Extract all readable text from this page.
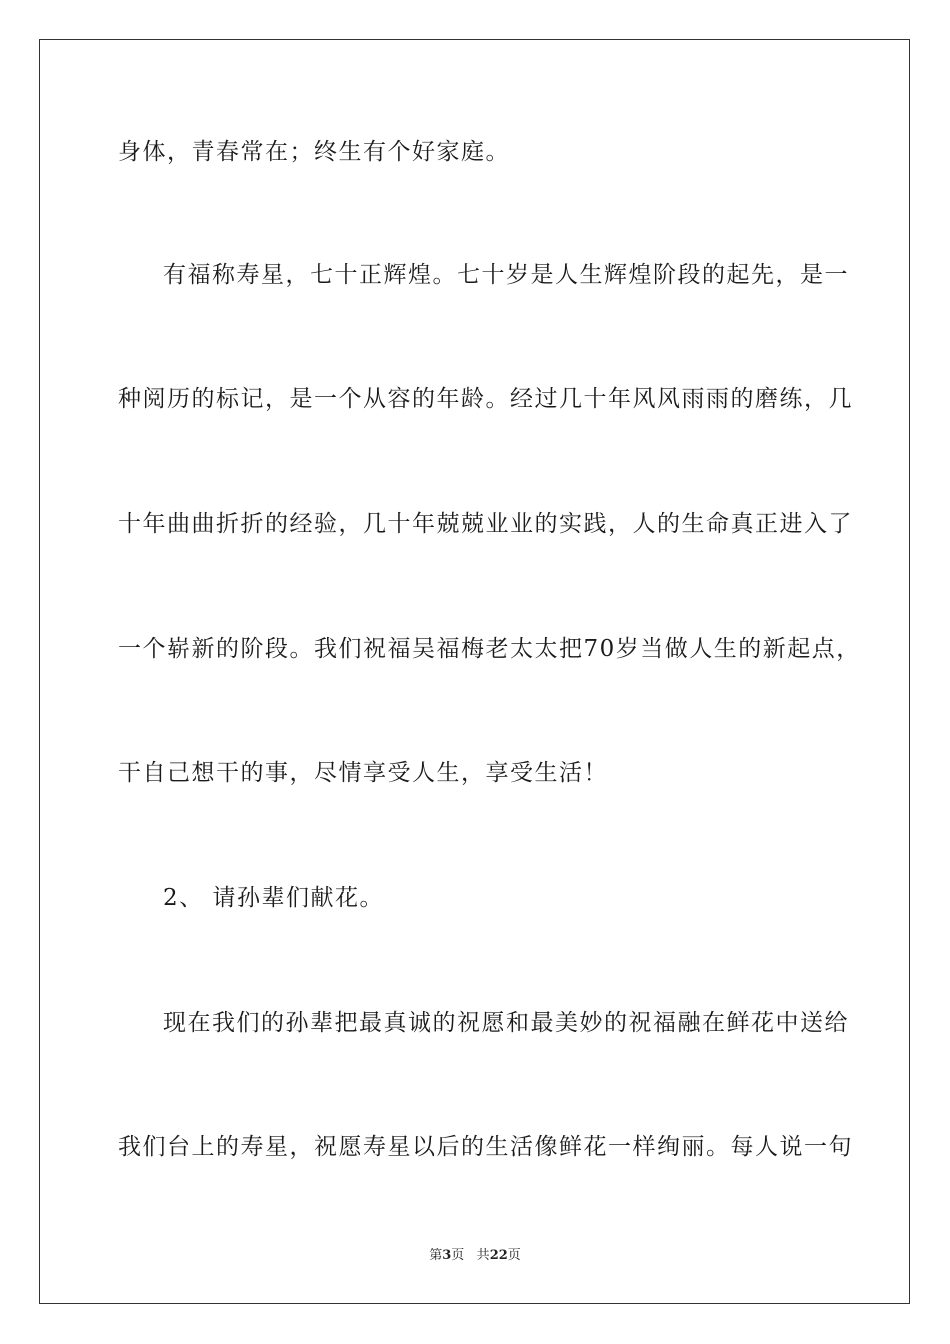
身体，青春常在；终生有个好家庭。
有福称寿星，七十正辉煌。七十岁是人生辉煌阶段的起先，是一
种阅历的标记，是一个从容的年龄。经过几十年风风雨雨的磨练，几
十年曲曲折折的经验，几十年兢兢业业的实践，人的生命真正进入了
一个崭新的阶段。我们祝福吴福梅老太太把70岁当做人生的新起点，
干自己想干的事，尽情享受人生，享受生活！
2、 请孙辈们献花。
现在我们的孙辈把最真诚的祝愿和最美妙的祝福融在鲜花中送给
我们台上的寿星，祝愿寿星以后的生活像鲜花一样绚丽。每人说一句
第3页 共22页
